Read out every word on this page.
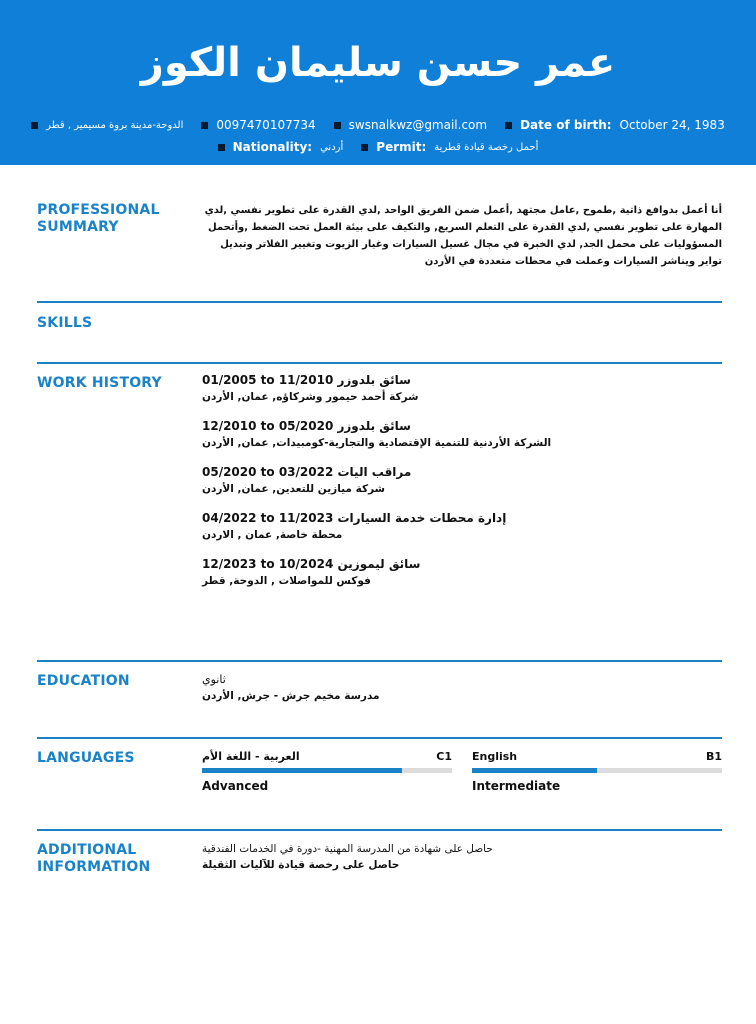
عمر حسن سليمان الكوز
الدوحة-مدينة بروة مسيمير , قطر	0097470107734	swsnalkwz@gmail.com	Date of birth: October 24, 1983
Nationality: أردني	Permit: أحمل رخصة قيادة قطرية
PROFESSIONAL SUMMARY
أنا أعمل بدوافع ذاتية ,طموح ,عامل مجتهد ,أعمل ضمن الفريق الواحد ,لدي القدرة على تطوير نفسي ,لدي المهارة على تطوير نفسي ,لدي القدرة على التعلم السريع, والتكيف على بيئة العمل تحت الضغط ,وأتحمل المسؤوليات على محمل الجد, لدي الخبرة في مجال غسيل السيارات وغيار الزيوت وتغيير الفلاتر وتبديل تواير ويناشر السيارات وعملت في محطات متعددة في الأردن
SKILLS
WORK HISTORY	01/2005 to 11/2010 سائق بلدوزر
شركة أحمد حيمور وشركاؤه, عمان, الأردن
12/2010 to 05/2020 سائق بلدوزر
الشركة الأردنية للتنمية الإقتصادية والتجارية-كومبيدات, عمان, الأردن
05/2020 to 03/2022 مراقب اليات
شركة ميازين للتعدين, عمان, الأردن
04/2022 to 11/2023 إدارة محطات خدمة السيارات
محطة خاصة, عمان , الاردن
12/2023 to 10/2024 سائق ليموزين
فوكس للمواصلات , الدوحة, قطر
EDUCATION	ثانوي
مدرسة مخيم جرش - جرش, الأردن
LANGUAGES	العربية - اللغة الأم	C1
Advanced
English	B1
Intermediate
ADDITIONAL INFORMATION
حاصل على شهادة من المدرسة المهنية -دورة في الخدمات الفندقية
حاصل على رخصة قيادة للآليات الثقيلة
